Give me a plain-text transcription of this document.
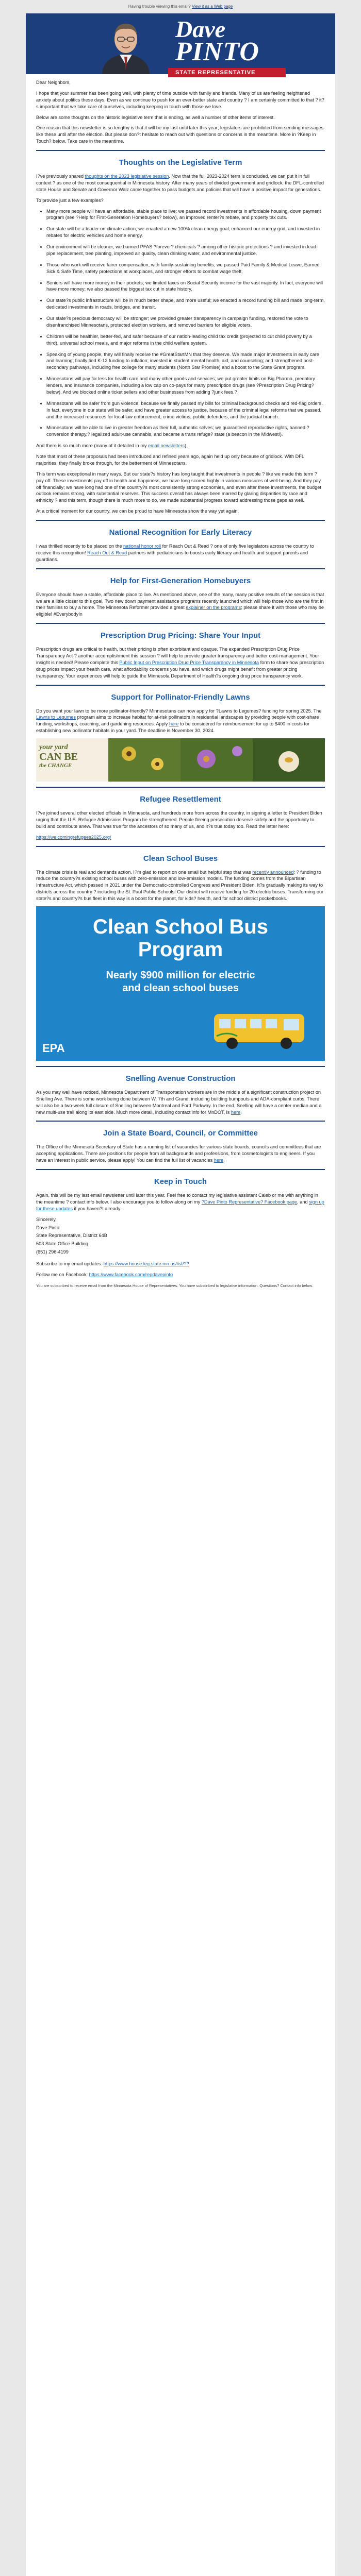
Having trouble viewing this email? View it as a Web page
Dave
PINTO
STATE REPRESENTATIVE

Dear Neighbors,

I hope that your summer has been going well, with plenty of time outside with family and friends. Many of us are feeling heightened anxiety about politics these days. Even as we continue to push for an ever-better state and country ? I am certainly committed to that ? it?s important that we take care of ourselves, including keeping in touch with those we love.

Below are some thoughts on the historic legislative term that is ending, as well a number of other items of interest.

One reason that this newsletter is so lengthy is that it will be my last until later this year; legislators are prohibited from sending messages like these until after the election. But please don?t hesitate to reach out with questions or concerns in the meantime. More in ?Keep in Touch? below. Take care in the meantime.

Thoughts on the Legislative Term

I?ve previously shared thoughts on the 2023 legislative session. Now that the full 2023-2024 term is concluded, we can put it in full context ? as one of the most consequential in Minnesota history. After many years of divided government and gridlock, the DFL-controlled state House and Senate and Governor Walz came together to pass budgets and policies that will have a positive impact for generations.

To provide just a few examples?

• Many more people will have an affordable, stable place to live; we passed record investments in affordable housing, down payment program (see ?Help for First-Generation Homebuyers? below), an improved renter?s rebate, and property tax cuts.
• Our state will be a leader on climate action; we enacted a new 100% clean energy goal, enhanced our energy grid, and invested in rebates for electric vehicles and home energy.
• Our environment will be cleaner; we banned PFAS ?forever? chemicals ? among other historic protections ? and invested in lead-pipe replacement, tree planting, improved air quality, clean drinking water, and environmental justice.
• Those who work will receive fairer compensation, with family-sustaining benefits; we passed Paid Family & Medical Leave, Earned Sick & Safe Time, safety protections at workplaces, and stronger efforts to combat wage theft.
• Seniors will have more money in their pockets; we limited taxes on Social Security income for the vast majority. In fact, everyone will have more money; we also passed the biggest tax cut in state history.
• Our state?s public infrastructure will be in much better shape, and more useful; we enacted a record funding bill and made long-term, dedicated investments in roads, bridges, and transit.
• Our state?s precious democracy will be stronger; we provided greater transparency in campaign funding, restored the vote to disenfranchised Minnesotans, protected election workers, and removed barriers for eligible voters.
• Children will be healthier, better-fed, and safer because of our nation-leading child tax credit (projected to cut child poverty by a third), universal school meals, and major reforms in the child welfare system.
• Speaking of young people, they will finally receive the #GreatStartMN that they deserve. We made major investments in early care and learning; finally tied K-12 funding to inflation; invested in student mental health, aid, and counseling; and strengthened post-secondary pathways, including free college for many students (North Star Promise) and a boost to the State Grant program.
• Minnesotans will pay for less for health care and many other goods and services; we put greater limits on Big Pharma, predatory lenders, and insurance companies, including a low cap on co-pays for many prescription drugs (see ?Prescription Drug Pricing? below). And we blocked online ticket sellers and other businesses from adding ?junk fees.?
• Minnesotans will be safer from gun violence; because we finally passed my bills for criminal background checks and red-flag orders. In fact, everyone in our state will be safer, and have greater access to justice, because of the criminal legal reforms that we passed, and the increased resources for local law enforcement, crime victims, public defenders, and the judicial branch.
• Minnesotans will be able to live in greater freedom as their full, authentic selves; we guaranteed reproductive rights, banned ?conversion therapy,? legalized adult-use cannabis, and became a trans refuge? state (a beacon in the Midwest!).

And there is so much more (many of it detailed in my email newsletters).

Note that most of these proposals had been introduced and refined years ago, again held up only because of gridlock. With DFL majorities, they finally broke through, for the betterment of Minnesotans.

This term was exceptional in many ways. But our state?s history has long taught that investments in people ? like we made this term ? pay off. These investments pay off in health and happiness; we have long scored highly in various measures of well-being. And they pay off financially; we have long had one of the country?s most consistently strong economies, and even after these investments, the budget outlook remains strong, with substantial reserves. This success overall has always been marred by glaring disparities by race and ethnicity ? and this term, though there is much more to do, we made substantial progress toward addressing those gaps as well.

At a critical moment for our country, we can be proud to have Minnesota show the way yet again.

National Recognition for Early Literacy

I was thrilled recently to be placed on the national honor roll for Reach Out & Read ? one of only five legislators across the country to receive this recognition! Reach Out & Read partners with pediatricians to boosts early literacy and health and support parents and guardians.

Help for First-Generation Homebuyers

Everyone should have a stable, affordable place to live. As mentioned above, one of the many, many positive results of the session is that we are a little closer to this goal. Two new down payment assistance programs recently launched which will help those who are the first in their families to buy a home. The Minnesota Reformer provided a great explainer on the programs; please share it with those who may be eligible! #EverybodyIn

Prescription Drug Pricing: Share Your Input

Prescription drugs are critical to health, but their pricing is often exorbitant and opaque. The expanded Prescription Drug Price Transparency Act ? another accomplishment this session ? will help to provide greater transparency and better cost-management. Your insight is needed! Please complete this Public Input on Prescription Drug Price Transparency in Minnesota form to share how prescription drug prices impact your health care, what affordability concerns you have, and which drugs might benefit from greater pricing transparency. Your experiences will help to guide the Minnesota Department of Health?s ongoing drug price transparency work.

Support for Pollinator-Friendly Lawns

Do you want your lawn to be more pollinator-friendly? Minnesotans can now apply for ?Lawns to Legumes? funding for spring 2025. The Lawns to Legumes program aims to increase habitat for at-risk pollinators in residential landscapes by providing people with cost-share funding, workshops, coaching, and gardening resources. Apply here to be considered for reimbursement for up to $400 in costs for establishing new pollinator habitats in your yard. The deadline is November 30, 2024.

your yard
CAN BE
the CHANGE
Refugee Resettlement

I?ve joined several other elected officials in Minnesota, and hundreds more from across the country, in signing a letter to President Biden urging that the U.S. Refugee Admissions Program be strengthened. People fleeing persecution deserve safety and the opportunity to build and contribute anew. That was true for the ancestors of so many of us, and it?s true today too. Read the letter here:

https://welcomingrefugees2025.org/

Clean School Buses

The climate crisis is real and demands action. I?m glad to report on one small but helpful step that was recently announced: ? funding to reduce the country?s existing school buses with zero-emission and low-emission models. The funding comes from the Bipartisan Infrastructure Act, which passed in 2021 under the Democratic-controlled Congress and President Biden. It?s gradually making its way to districts across the country ? including the St. Paul Public Schools! Our district will receive funding for 20 electric buses. Transforming our state?s and country?s bus fleet in this way is a boost for the planet, for kids? health, and for school district pocketbooks.

Clean School Bus
Program
Nearly $900 million for electric
and clean school buses
EPA
Snelling Avenue Construction

As you may well have noticed, Minnesota Department of Transportation workers are in the middle of a significant construction project on Snelling Ave. There is some work being done between W. 7th and Grand, including building bumpouts and ADA-compliant curbs. There will also be a two-week full closure of Snelling between Montreal and Ford Parkway. In the end, Snelling will have a center median and a new multi-use trail along its east side. Much more detail, including contact info for MnDOT, is here.

Join a State Board, Council, or Committee

The Office of the Minnesota Secretary of State has a running list of vacancies for various state boards, councils and committees that are accepting applications. There are positions for people from all backgrounds and professions, from cosmetologists to engineers. If you have an interest in public service, please apply! You can find the full list of vacancies here.

Keep in Touch

Again, this will be my last email newsletter until later this year. Feel free to contact my legislative assistant Caleb or me with anything in the meantime ? contact info below. I also encourage you to follow along on my ?Dave Pinto Representative? Facebook page, and sign up for these updates if you haven?t already.

Sincerely,

Dave Pinto

State Representative, District 64B

503 State Office Building

(651) 296-4199

Subscribe to my email updates: https://www.house.leg.state.mn.us/list/??

Follow me on Facebook: https://www.facebook.com/repdavepinto

You are subscribed to receive email from the Minnesota House of Representatives. You have subscribed to legislative information. Questions? Contact info below.
